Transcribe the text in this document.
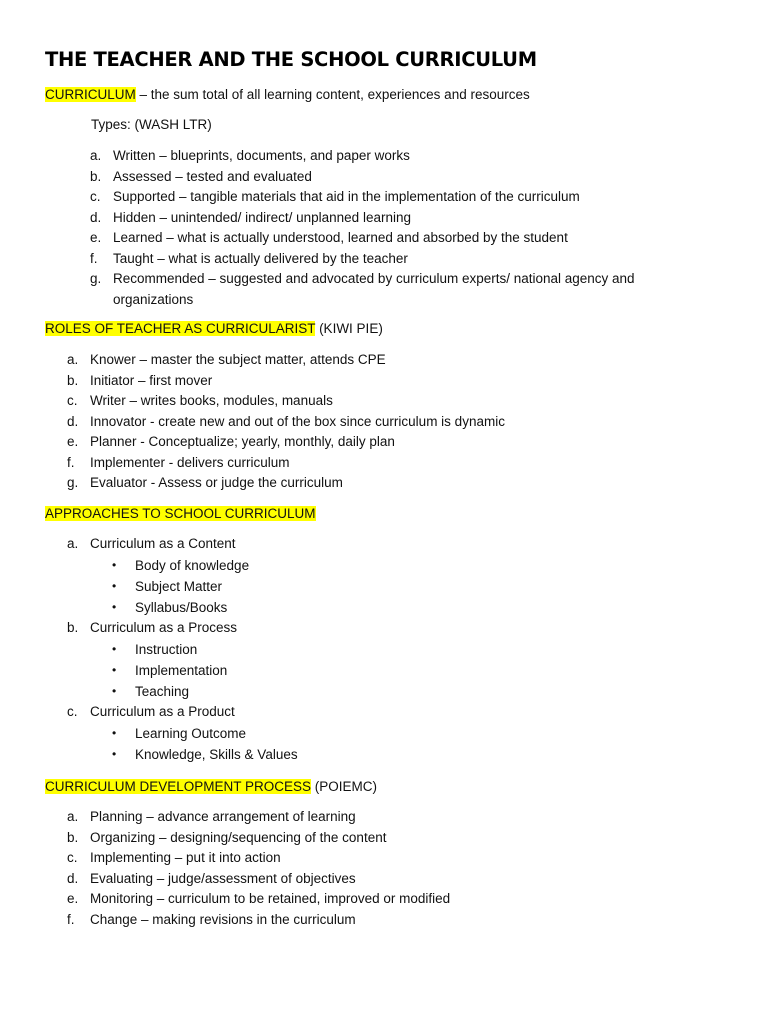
THE TEACHER AND THE SCHOOL CURRICULUM
CURRICULUM – the sum total of all learning content, experiences and resources
Types: (WASH LTR)
a. Written – blueprints, documents, and paper works
b. Assessed – tested and evaluated
c. Supported – tangible materials that aid in the implementation of the curriculum
d. Hidden – unintended/ indirect/ unplanned learning
e. Learned – what is actually understood, learned and absorbed by the student
f. Taught – what is actually delivered by the teacher
g. Recommended – suggested and advocated by curriculum experts/ national agency and
organizations
ROLES OF TEACHER AS CURRICULARIST (KIWI PIE)
a. Knower – master the subject matter, attends CPE
b. Initiator – first mover
c. Writer – writes books, modules, manuals
d. Innovator - create new and out of the box since curriculum is dynamic
e. Planner - Conceptualize; yearly, monthly, daily plan
f. Implementer - delivers curriculum
g. Evaluator - Assess or judge the curriculum
APPROACHES TO SCHOOL CURRICULUM
a. Curriculum as a Content
• Body of knowledge
• Subject Matter
• Syllabus/Books
b. Curriculum as a Process
• Instruction
• Implementation
• Teaching
c. Curriculum as a Product
• Learning Outcome
• Knowledge, Skills & Values
CURRICULUM DEVELOPMENT PROCESS (POIEMC)
a. Planning – advance arrangement of learning
b. Organizing – designing/sequencing of the content
c. Implementing – put it into action
d. Evaluating – judge/assessment of objectives
e. Monitoring – curriculum to be retained, improved or modified
f. Change – making revisions in the curriculum
